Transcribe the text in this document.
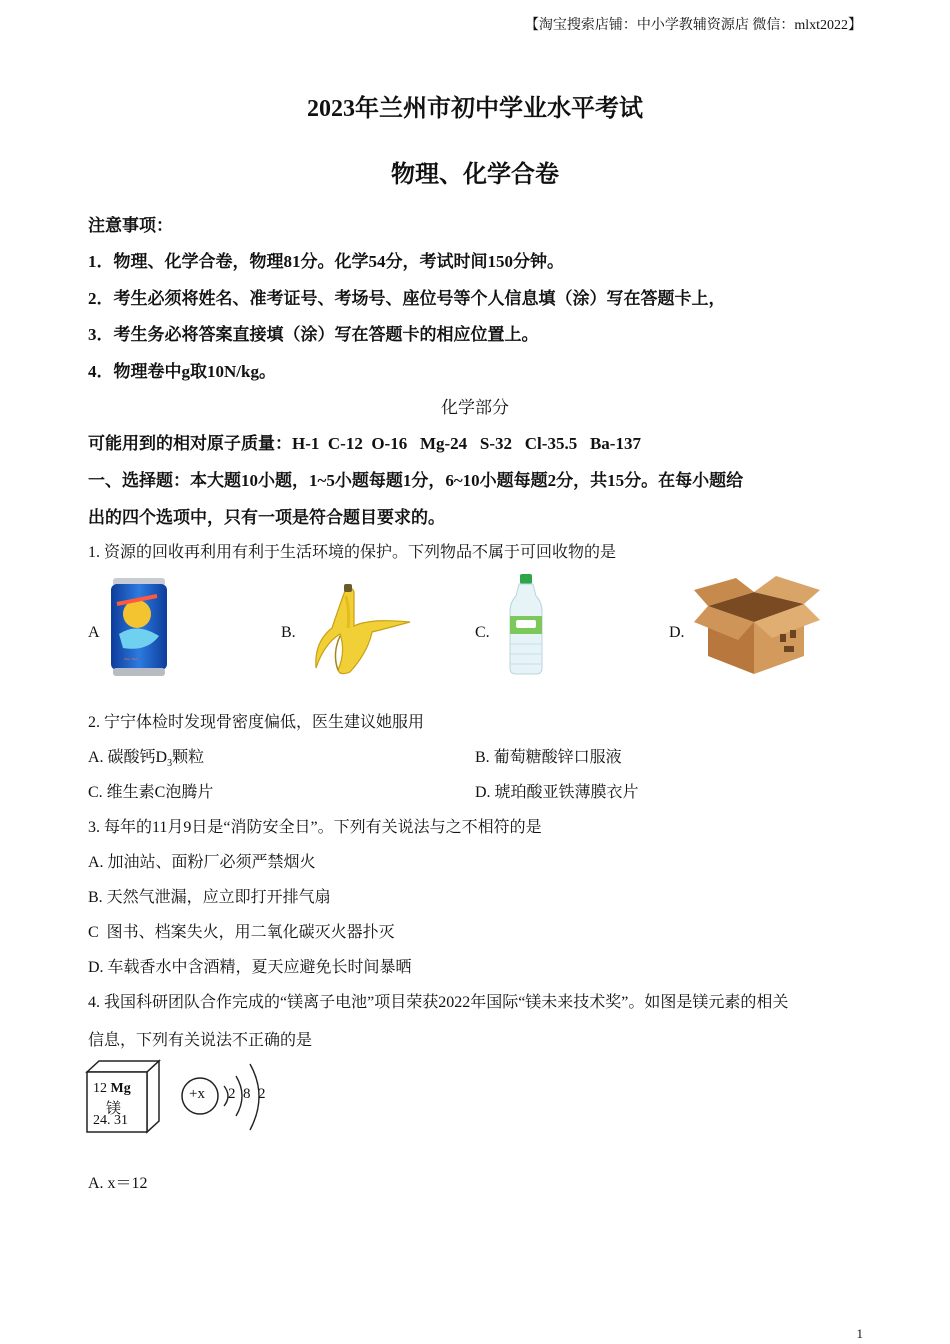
【淘宝搜索店铺：中小学教辅资源店 微信：mlxt2022】
2023年兰州市初中学业水平考试
物理、化学合卷
注意事项：
1．物理、化学合卷，物理81分。化学54分，考试时间150分钟。
2．考生必须将姓名、准考证号、考场号、座位号等个人信息填（涂）写在答题卡上，
3．考生务必将答案直接填（涂）写在答题卡的相应位置上。
4．物理卷中g取10N/kg。
化学部分
可能用到的相对原子质量：H-1  C-12  O-16   Mg-24   S-32   Cl-35.5   Ba-137
一、选择题：本大题10小题，1~5小题每题1分，6~10小题每题2分，共15分。在每小题给
出的四个选项中，只有一项是符合题目要求的。
1. 资源的回收再利用有利于生活环境的保护。下列物品不属于可回收物的是
A	B.	C.	D.
~~
2. 宁宁体检时发现骨密度偏低，医生建议她服用
A. 碳酸钙$D_3$颗粒	B. 葡萄糖酸锌口服液
C. 维生素C泡腾片	D. 琥珀酸亚铁薄膜衣片
3. 每年的11月9日是“消防安全日”。下列有关说法与之不相符的是
A. 加油站、面粉厂必须严禁烟火
B. 天然气泄漏，应立即打开排气扇
C  图书、档案失火，用二氧化碳灭火器扑灭
D. 车载香水中含酒精，夏天应避免长时间暴晒
4. 我国科研团队合作完成的“镁离子电池”项目荣获2022年国际“镁未来技术奖”。如图是镁元素的相关
信息，下列有关说法不正确的是
12 Mg
镁
24. 31
+x 2 8 2
A. x＝12
1
